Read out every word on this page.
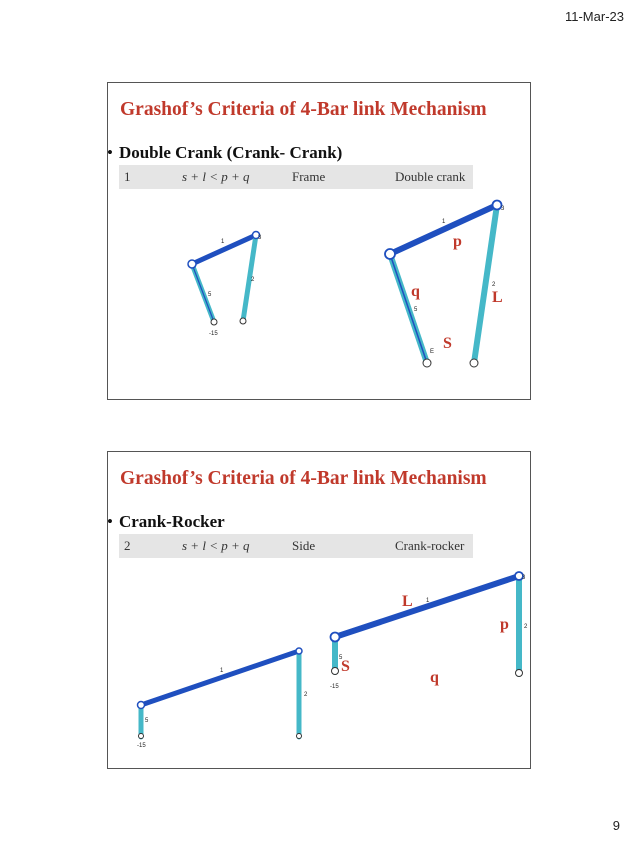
11-Mar-23
Grashof’s Criteria of 4-Bar link Mechanism
• Double Crank (Crank- Crank)
1	s + l < p + q	Frame	Double crank
1
2
5
3
-15
1
2
5
3
E
p
q	L
S
Grashof’s Criteria of 4-Bar link Mechanism
• Crank-Rocker
2	s + l < p + q	Side	Crank-rocker
1
2
5
-15
1
2
5
3
-15
L
p
S
q
9
